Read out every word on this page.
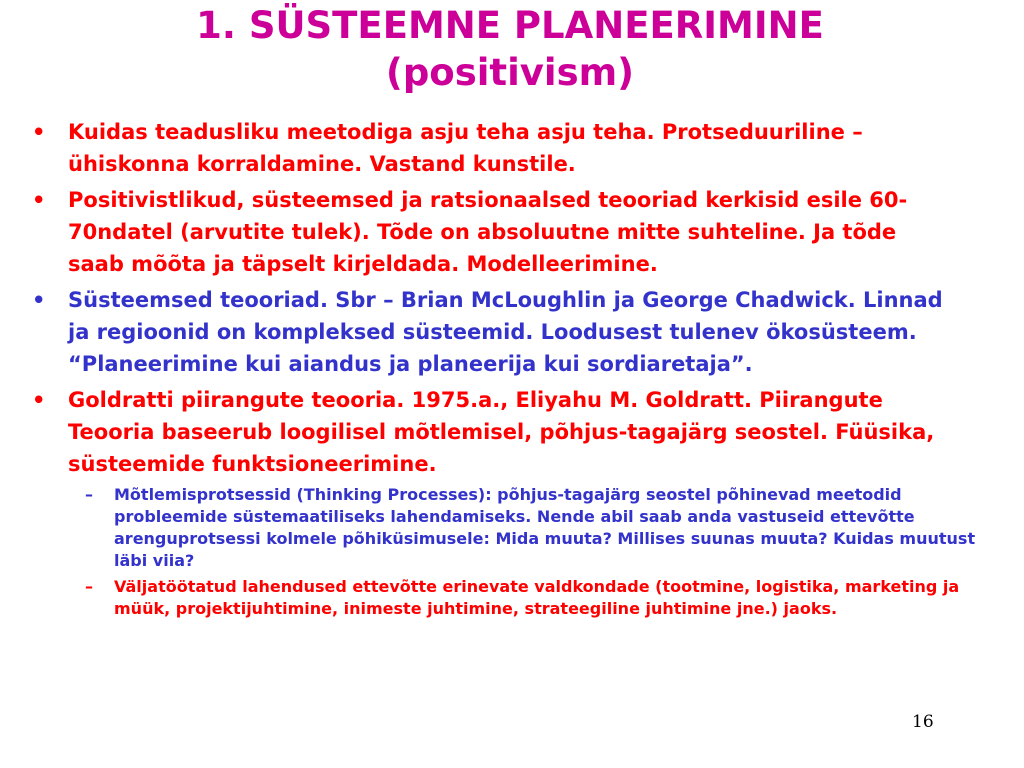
1. SÜSTEEMNE PLANEERIMINE
(positivism)
• Kuidas teadusliku meetodiga asju teha asju teha. Protseduuriline – ühiskonna korraldamine. Vastand kunstile.
• Positivistlikud, süsteemsed ja ratsionaalsed teooriad kerkisid esile 60-70ndatel (arvutite tulek). Tõde on absoluutne mitte suhteline. Ja tõde saab mõõta ja täpselt kirjeldada. Modelleerimine.
• Süsteemsed teooriad. Sbr – Brian McLoughlin ja George Chadwick. Linnad ja regioonid on kompleksed süsteemid. Loodusest tulenev ökosüsteem. “Planeerimine kui aiandus ja planeerija kui sordiaretaja”.
• Goldratti piirangute teooria. 1975.a., Eliyahu M. Goldratt. Piirangute Teooria baseerub loogilisel mõtlemisel, põhjus-tagajärg seostel. Füüsika, süsteemide funktsioneerimine.
– Mõtlemisprotsessid (Thinking Processes): põhjus-tagajärg seostel põhinevad meetodid probleemide süstemaatiliseks lahendamiseks. Nende abil saab anda vastuseid ettevõtte arenguprotsessi kolmele põhiküsimusele: Mida muuta? Millises suunas muuta? Kuidas muutust läbi viia?
– Väljatöötatud lahendused ettevõtte erinevate valdkondade (tootmine, logistika, marketing ja müük, projektijuhtimine, inimeste juhtimine, strateegiline juhtimine jne.) jaoks.
16
